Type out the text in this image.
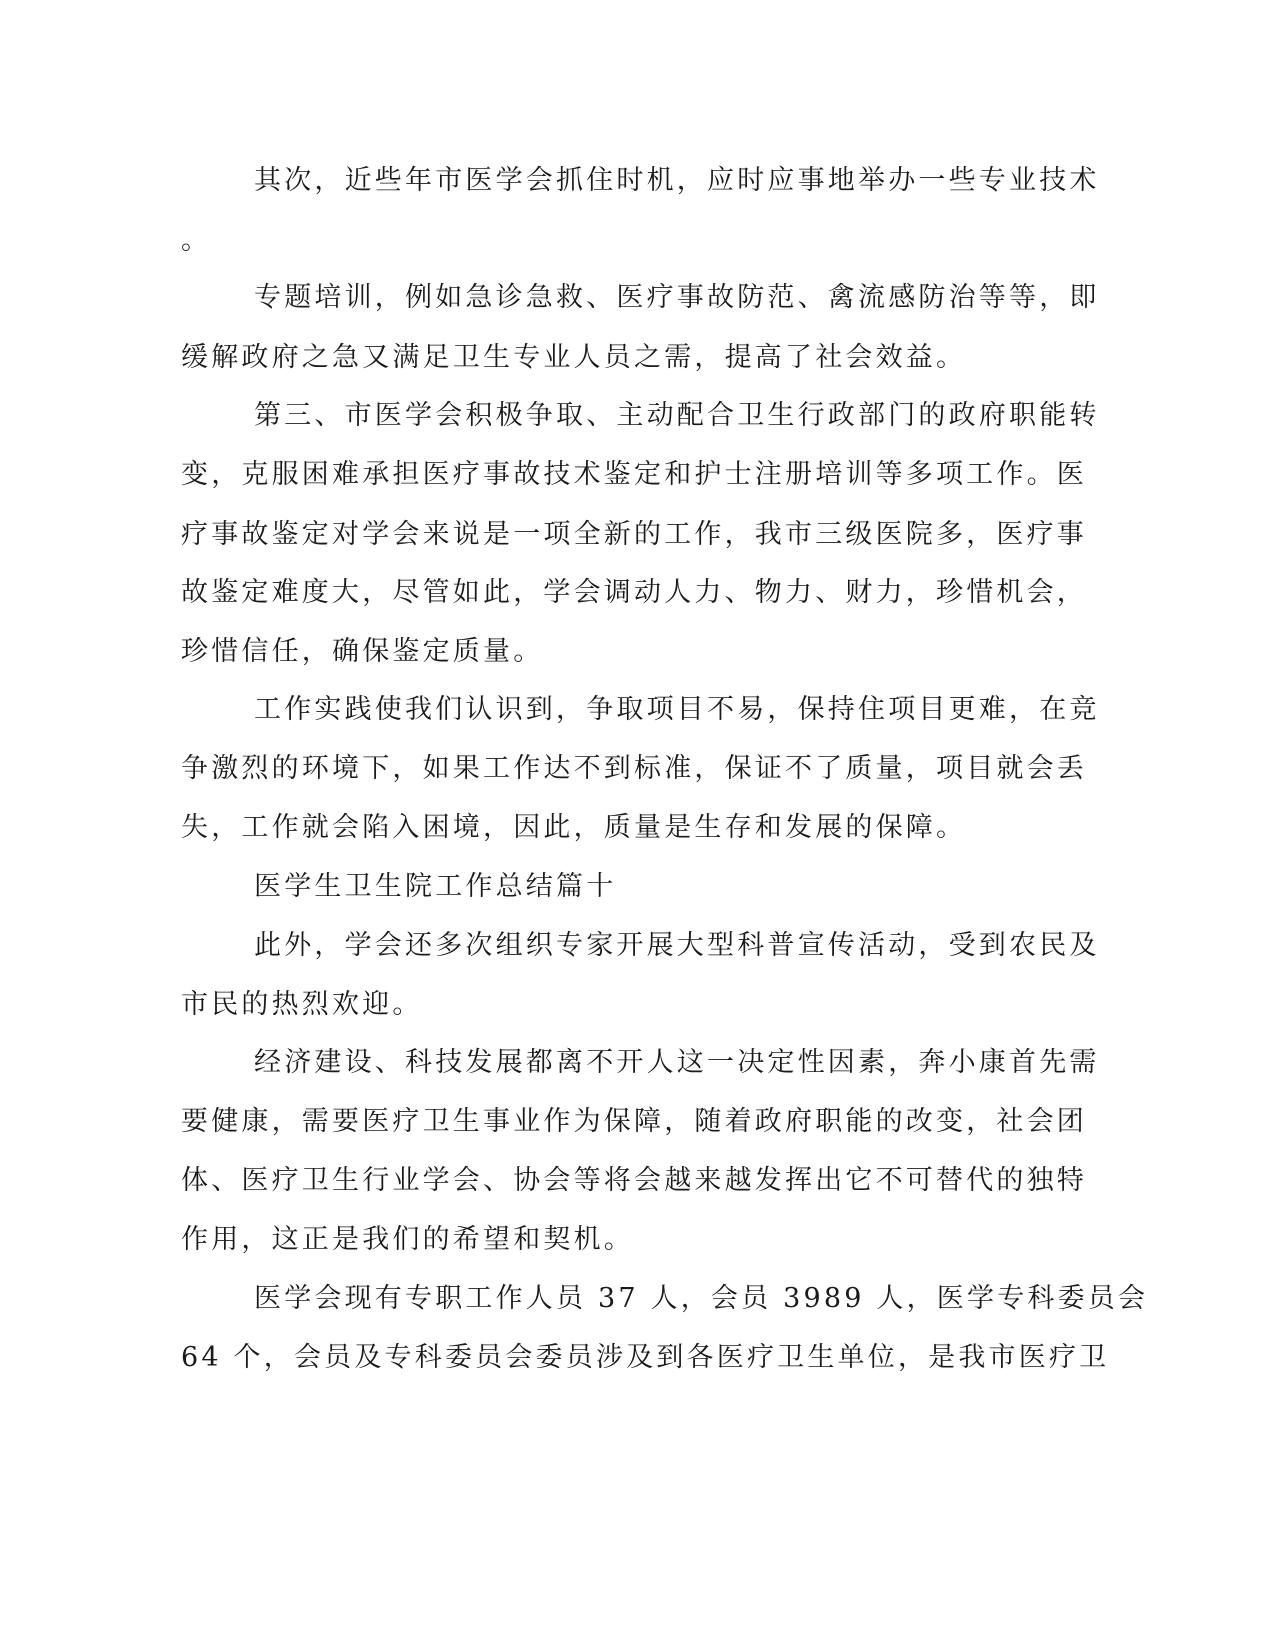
其次，近些年市医学会抓住时机，应时应事地举办一些专业技术
。
专题培训，例如急诊急救、医疗事故防范、禽流感防治等等，即
缓解政府之急又满足卫生专业人员之需，提高了社会效益。
第三、市医学会积极争取、主动配合卫生行政部门的政府职能转
变，克服困难承担医疗事故技术鉴定和护士注册培训等多项工作。医
疗事故鉴定对学会来说是一项全新的工作，我市三级医院多，医疗事
故鉴定难度大，尽管如此，学会调动人力、物力、财力，珍惜机会，
珍惜信任，确保鉴定质量。
工作实践使我们认识到，争取项目不易，保持住项目更难，在竞
争激烈的环境下，如果工作达不到标准，保证不了质量，项目就会丢
失，工作就会陷入困境，因此，质量是生存和发展的保障。
医学生卫生院工作总结篇十
此外，学会还多次组织专家开展大型科普宣传活动，受到农民及
市民的热烈欢迎。
经济建设、科技发展都离不开人这一决定性因素，奔小康首先需
要健康，需要医疗卫生事业作为保障，随着政府职能的改变，社会团
体、医疗卫生行业学会、协会等将会越来越发挥出它不可替代的独特
作用，这正是我们的希望和契机。
医学会现有专职工作人员 37 人，会员 3989 人，医学专科委员会
64 个，会员及专科委员会委员涉及到各医疗卫生单位，是我市医疗卫
